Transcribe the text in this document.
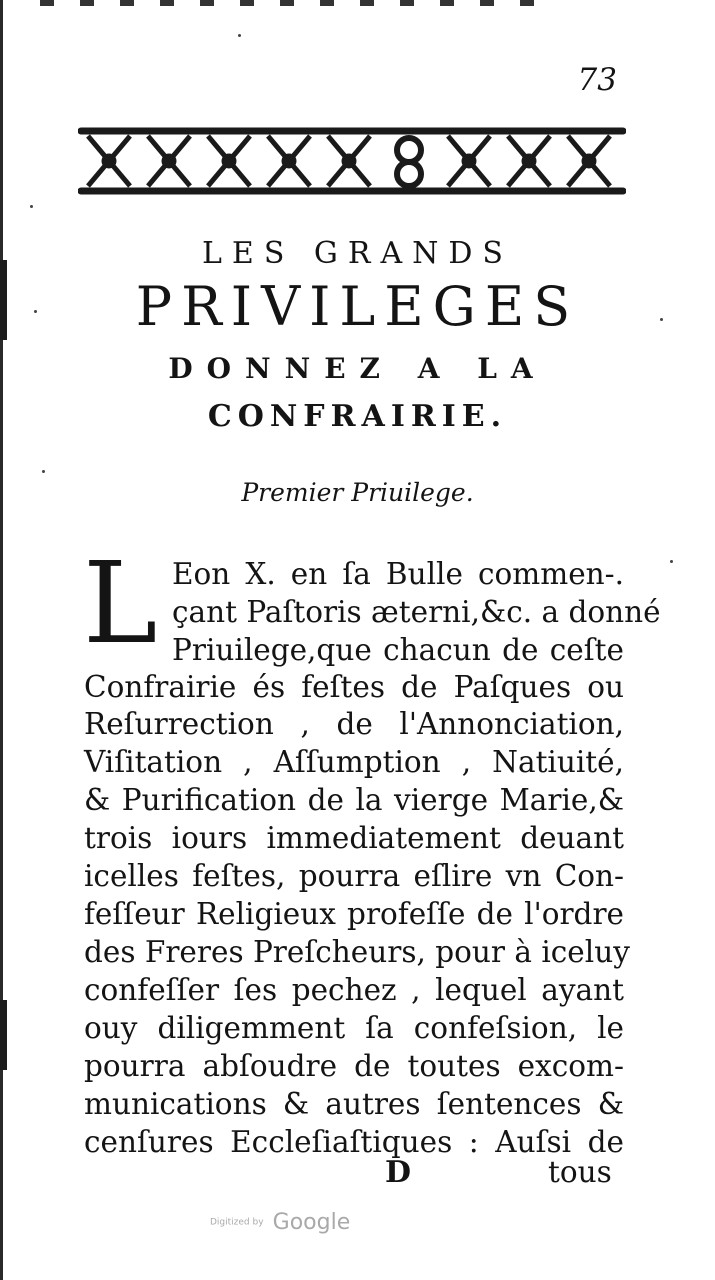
73
LES GRANDS
PRIVILEGES
DONNEZ A LA
CONFRAIRIE.
Premier Priuilege.
L Eon X. en ſa Bulle commen-.
çant Paſtoris æterni,&c. a donné
Priuilege,que chacun de ceſte
Confrairie és feſtes de Paſques ou
Reſurrection , de l'Annonciation,
Viſitation , Aſſumption , Natiuité,
& Purification de la vierge Marie,&
trois iours immediatement deuant
icelles feſtes, pourra eſlire vn Con-
feſſeur Religieux profeſſe de l'ordre
des Freres Preſcheurs, pour à iceluy
confeſſer ſes pechez , lequel ayant
ouy diligemment ſa confeſsion, le
pourra abſoudre de toutes excom-
munications & autres ſentences &
cenſures Eccleſiaſtiques : Auſsi de
D	tous
Digitized by Google
